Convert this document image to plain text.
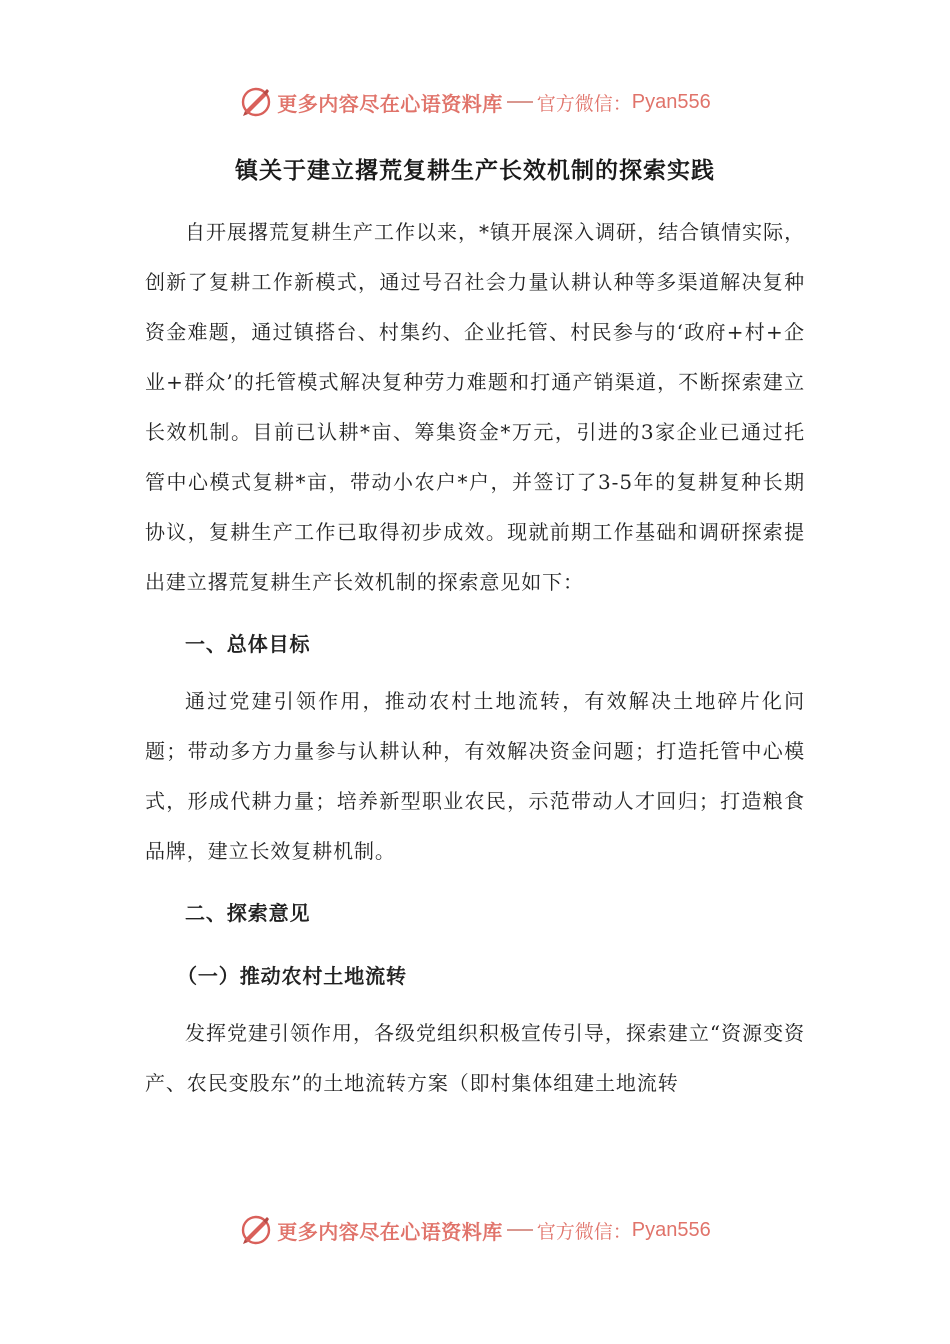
更多内容尽在心语资料库 官方微信： Pyan556
镇关于建立撂荒复耕生产长效机制的探索实践

自开展撂荒复耕生产工作以来，*镇开展深入调研，结合镇情实际，创新了复耕工作新模式，通过号召社会力量认耕认种等多渠道解决复种资金难题，通过镇搭台、村集约、企业托管、村民参与的‘政府+村+企业+群众’的托管模式解决复种劳力难题和打通产销渠道，不断探索建立长效机制。目前已认耕*亩、筹集资金*万元，引进的3家企业已通过托管中心模式复耕*亩，带动小农户*户，并签订了3-5年的复耕复种长期协议，复耕生产工作已取得初步成效。现就前期工作基础和调研探索提出建立撂荒复耕生产长效机制的探索意见如下：

一、总体目标

通过党建引领作用，推动农村土地流转，有效解决土地碎片化问题；带动多方力量参与认耕认种，有效解决资金问题；打造托管中心模式，形成代耕力量；培养新型职业农民，示范带动人才回归；打造粮食品牌，建立长效复耕机制。

二、探索意见
（一）推动农村土地流转

发挥党建引领作用，各级党组织积极宣传引导，探索建立“资源变资产、农民变股东”的土地流转方案（即村集体组建土地流转

更多内容尽在心语资料库 官方微信： Pyan556
